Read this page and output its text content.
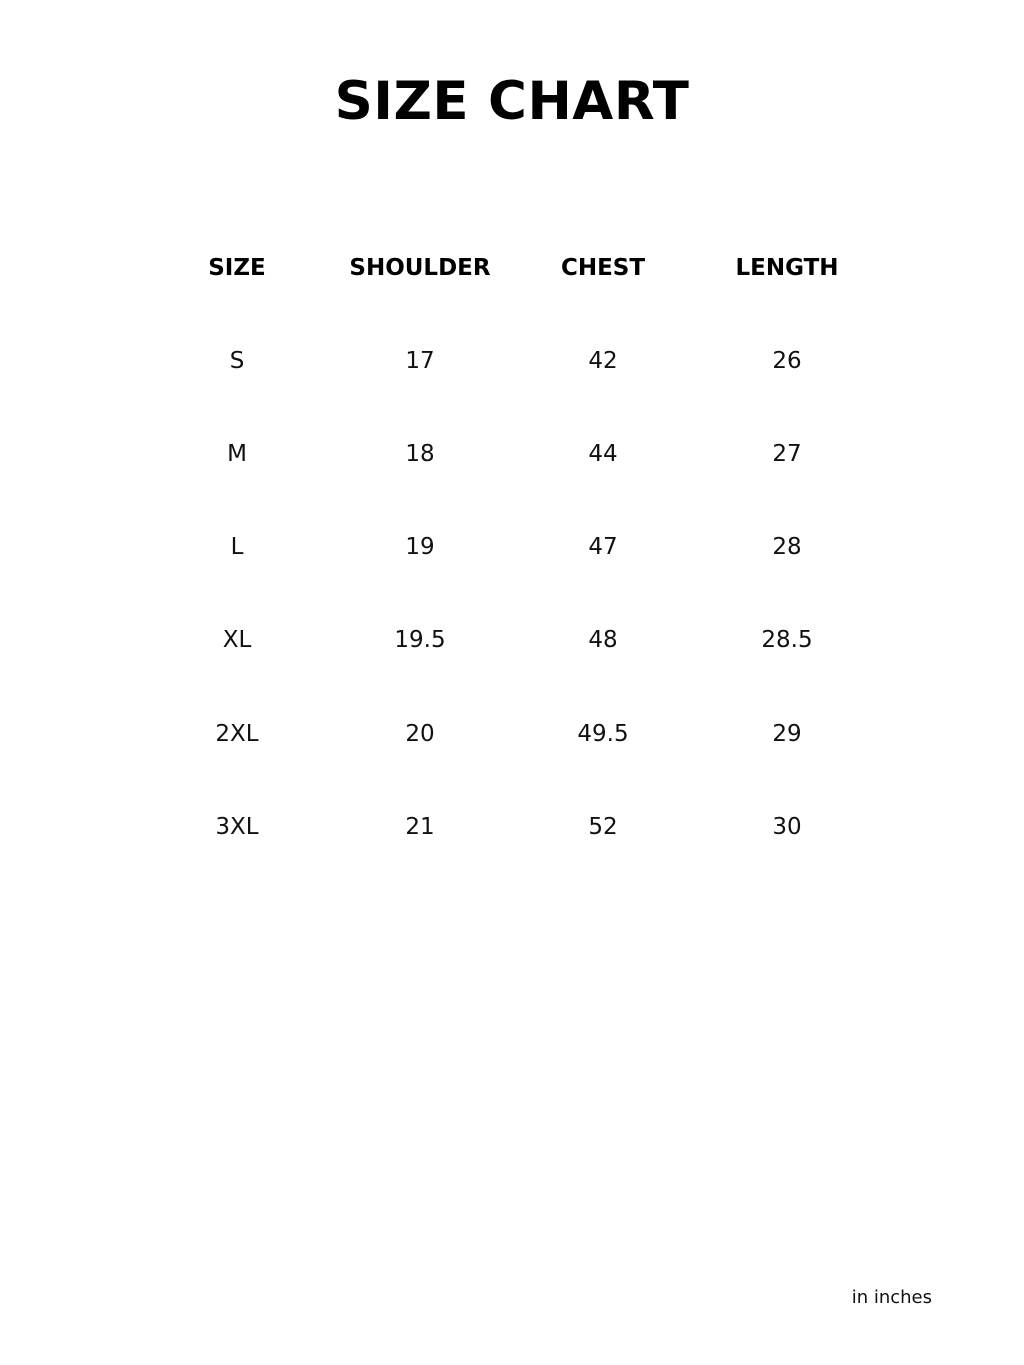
SIZE CHART
SIZE	SHOULDER	CHEST	LENGTH
S	17	42	26
M	18	44	27
L	19	47	28
XL	19.5	48	28.5
2XL	20	49.5	29
3XL	21	52	30
in inches
